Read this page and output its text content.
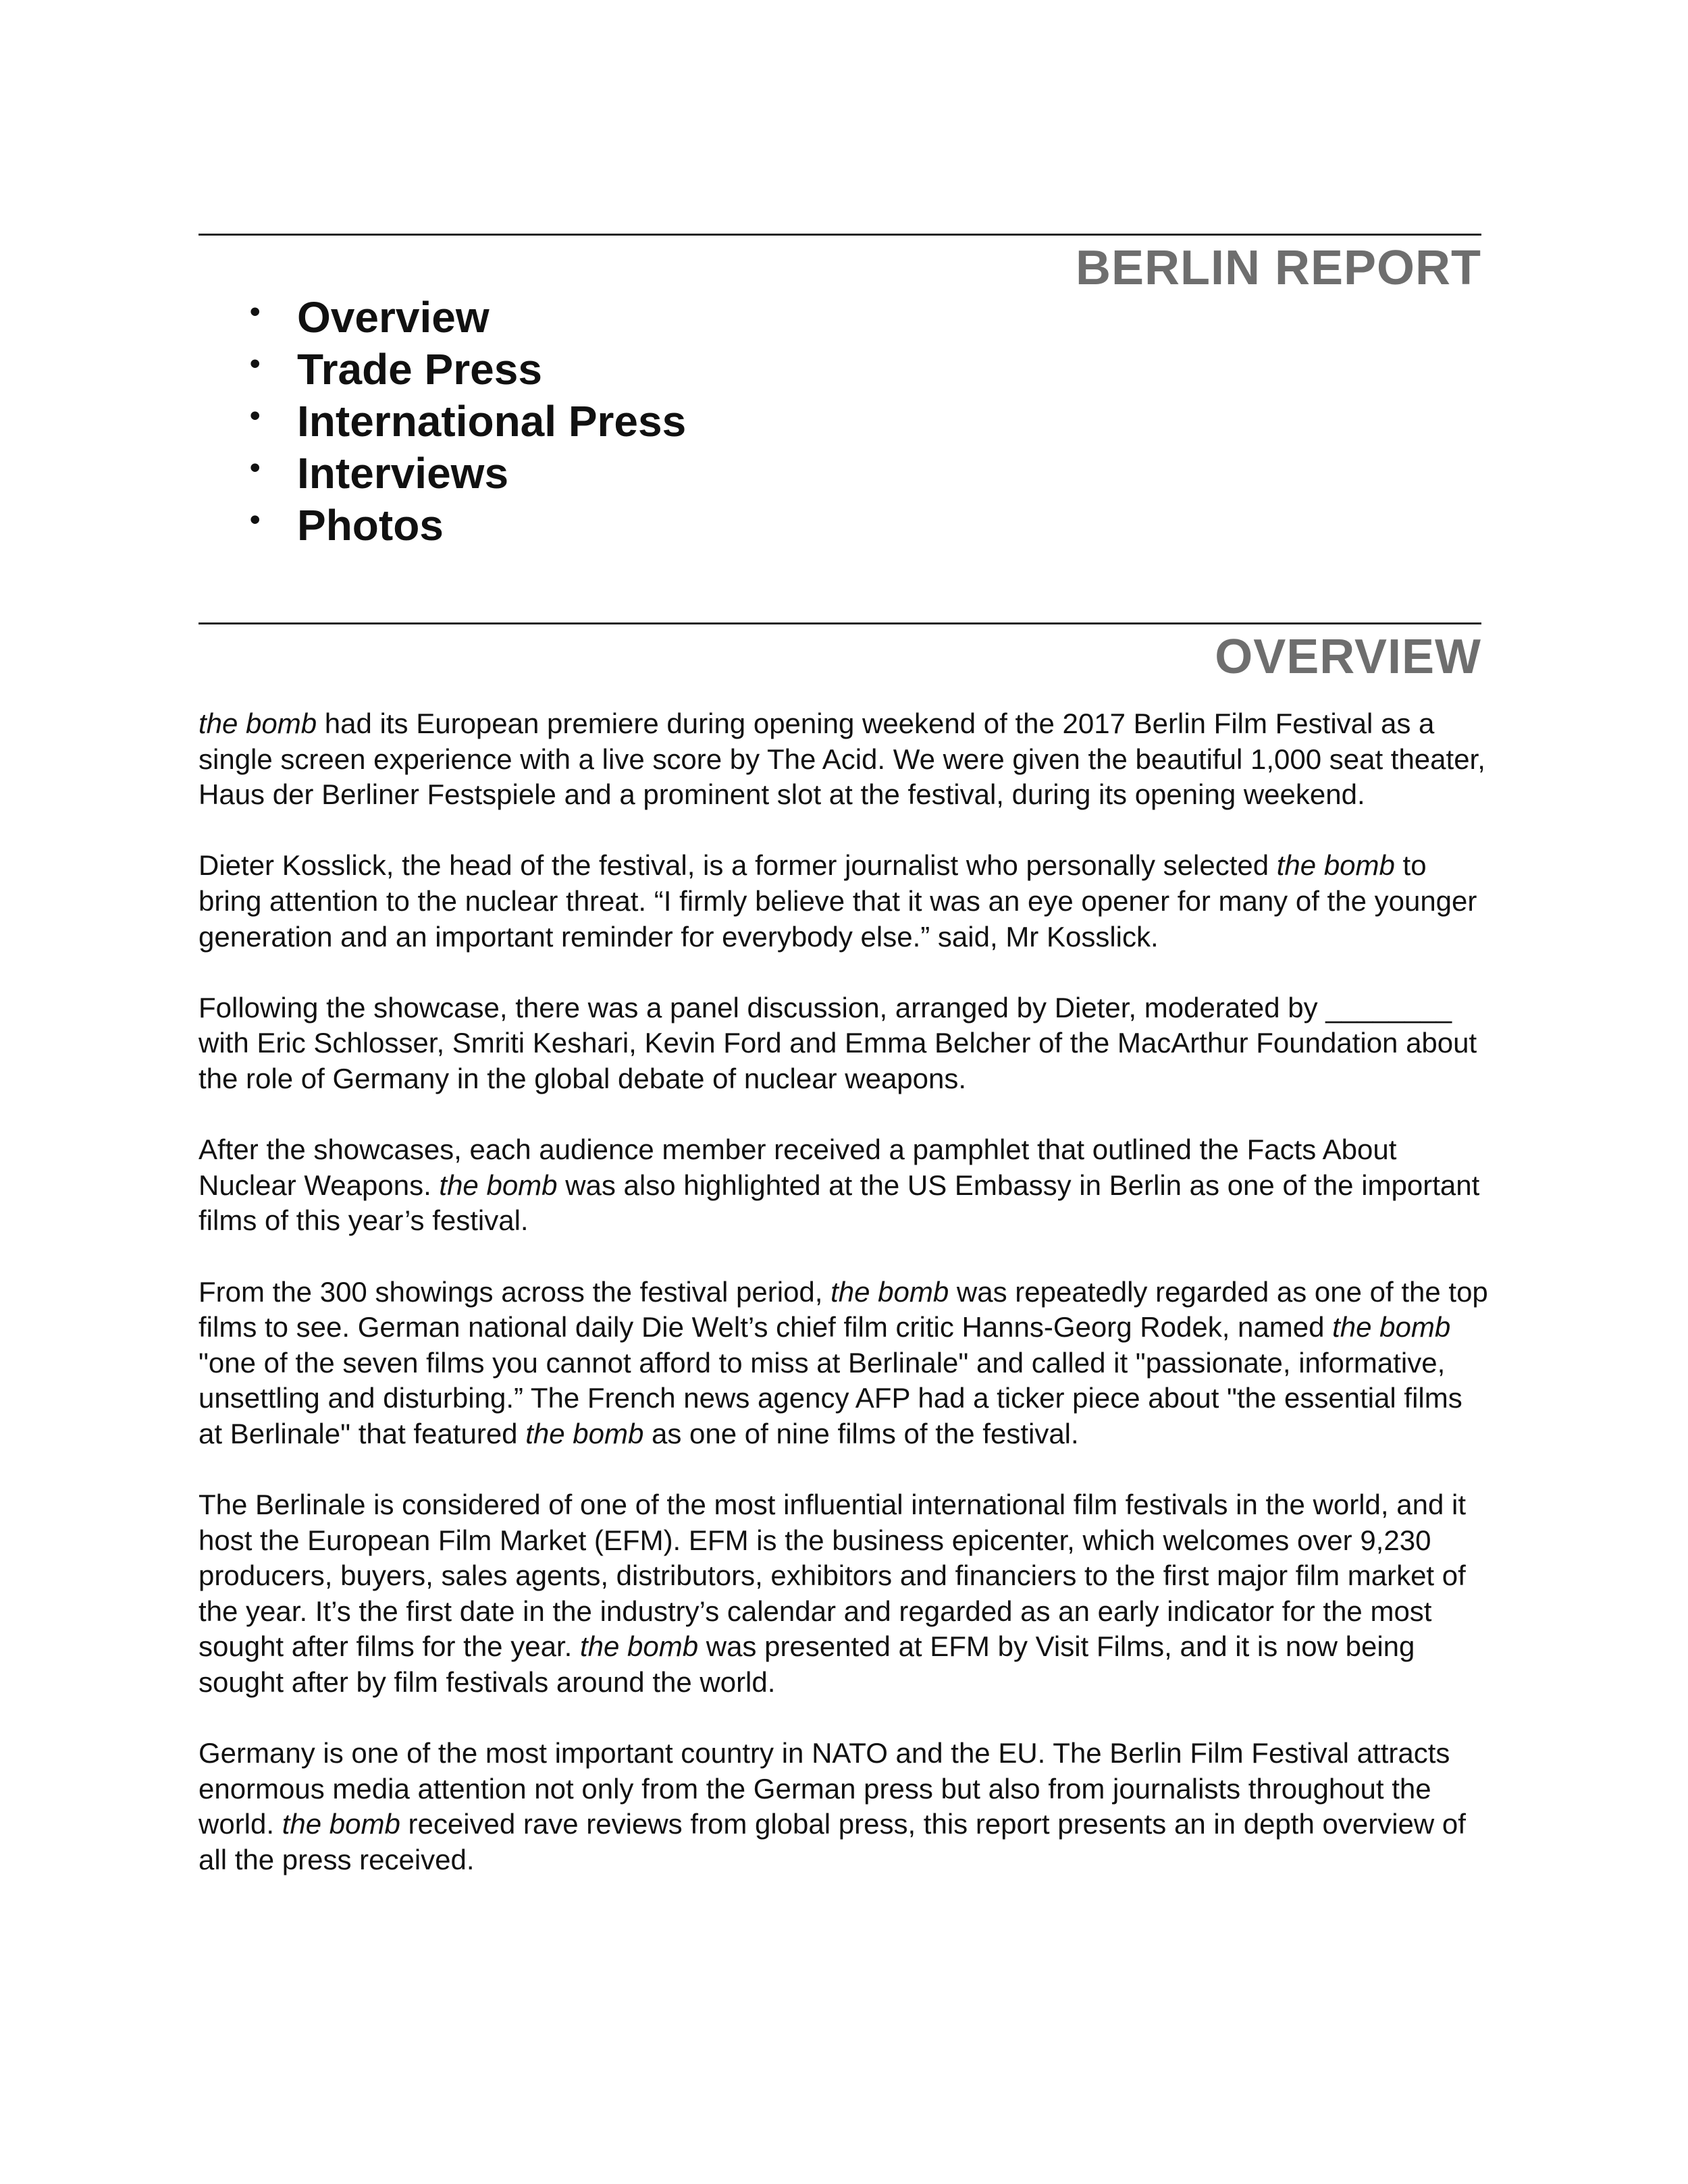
BERLIN REPORT
• Overview
• Trade Press
• International Press
• Interviews
• Photos
OVERVIEW

the bomb had its European premiere during opening weekend of the 2017 Berlin Film Festival as a single screen experience with a live score by The Acid. We were given the beautiful 1,000 seat theater, Haus der Berliner Festspiele and a prominent slot at the festival, during its opening weekend.

Dieter Kosslick, the head of the festival, is a former journalist who personally selected the bomb to bring attention to the nuclear threat. “I firmly believe that it was an eye opener for many of the younger generation and an important reminder for everybody else.” said, Mr Kosslick.

Following the showcase, there was a panel discussion, arranged by Dieter, moderated by ________ with Eric Schlosser, Smriti Keshari, Kevin Ford and Emma Belcher of the MacArthur Foundation about the role of Germany in the global debate of nuclear weapons.

After the showcases, each audience member received a pamphlet that outlined the Facts About Nuclear Weapons. the bomb was also highlighted at the US Embassy in Berlin as one of the important films of this year’s festival.

From the 300 showings across the festival period, the bomb was repeatedly regarded as one of the top films to see. German national daily Die Welt’s chief film critic Hanns-Georg Rodek, named the bomb "one of the seven films you cannot afford to miss at Berlinale" and called it "passionate, informative, unsettling and disturbing.” The French news agency AFP had a ticker piece about "the essential films at Berlinale" that featured the bomb as one of nine films of the festival.

The Berlinale is considered of one of the most influential international film festivals in the world, and it host the European Film Market (EFM). EFM is the business epicenter, which welcomes over 9,230 producers, buyers, sales agents, distributors, exhibitors and financiers to the first major film market of the year. It’s the first date in the industry’s calendar and regarded as an early indicator for the most sought after films for the year. the bomb was presented at EFM by Visit Films, and it is now being sought after by film festivals around the world.

Germany is one of the most important country in NATO and the EU. The Berlin Film Festival attracts enormous media attention not only from the German press but also from journalists throughout the world. the bomb received rave reviews from global press, this report presents an in depth overview of all the press received.
